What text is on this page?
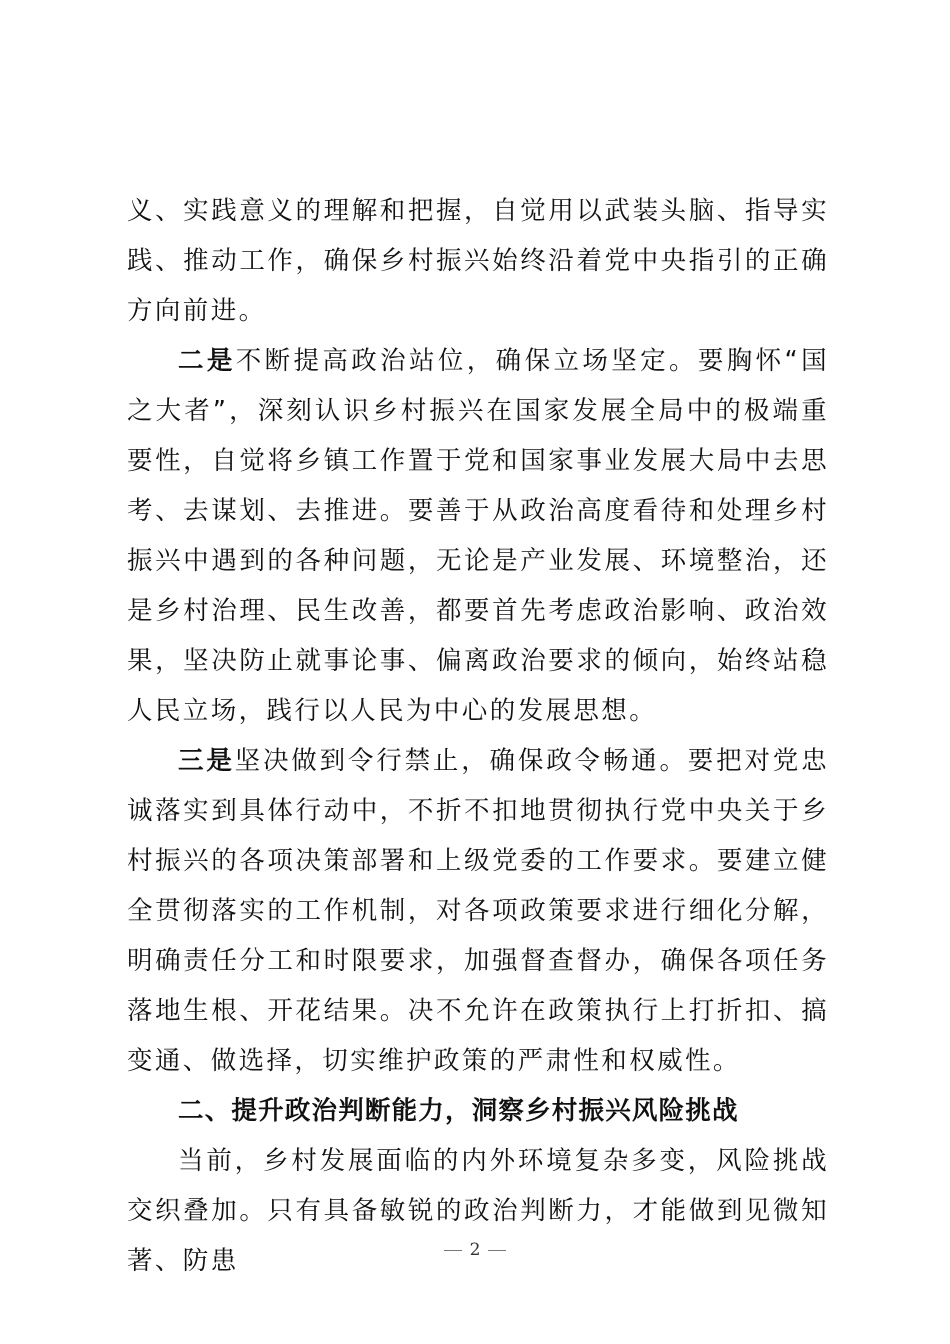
义、实践意义的理解和把握，自觉用以武装头脑、指导实践、推动工作，确保乡村振兴始终沿着党中央指引的正确方向前进。

二是不断提高政治站位，确保立场坚定。要胸怀“国之大者”，深刻认识乡村振兴在国家发展全局中的极端重要性，自觉将乡镇工作置于党和国家事业发展大局中去思考、去谋划、去推进。要善于从政治高度看待和处理乡村振兴中遇到的各种问题，无论是产业发展、环境整治，还是乡村治理、民生改善，都要首先考虑政治影响、政治效果，坚决防止就事论事、偏离政治要求的倾向，始终站稳人民立场，践行以人民为中心的发展思想。

三是坚决做到令行禁止，确保政令畅通。要把对党忠诚落实到具体行动中，不折不扣地贯彻执行党中央关于乡村振兴的各项决策部署和上级党委的工作要求。要建立健全贯彻落实的工作机制，对各项政策要求进行细化分解，明确责任分工和时限要求，加强督查督办，确保各项任务落地生根、开花结果。决不允许在政策执行上打折扣、搞变通、做选择，切实维护政策的严肃性和权威性。

二、提升政治判断能力，洞察乡村振兴风险挑战

当前，乡村发展面临的内外环境复杂多变，风险挑战交织叠加。只有具备敏锐的政治判断力，才能做到见微知著、防患	2
